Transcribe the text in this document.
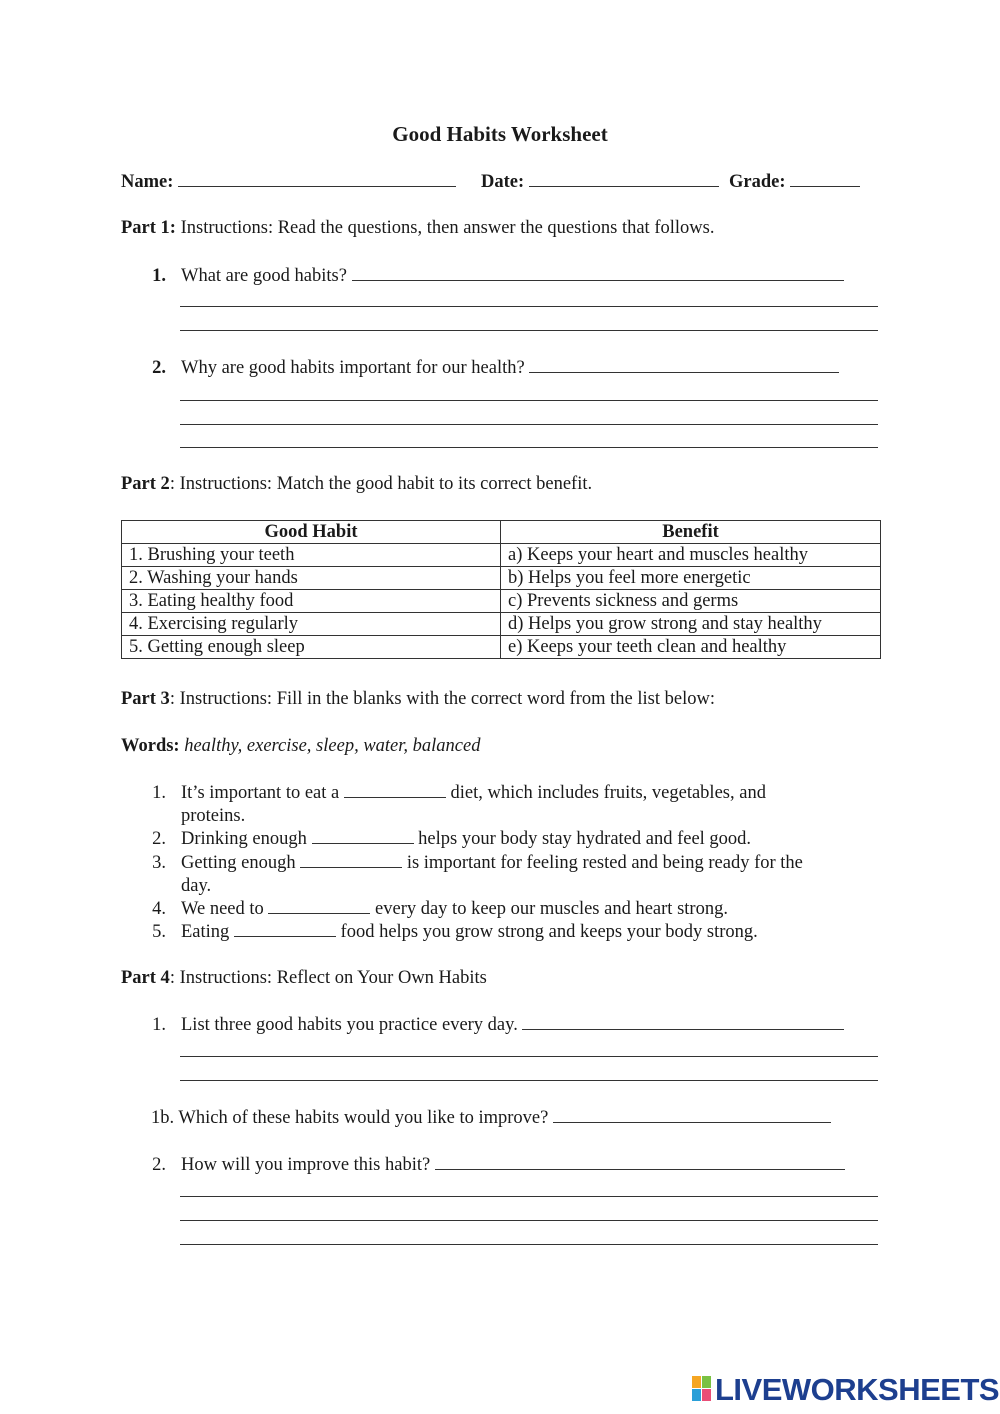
Good Habits Worksheet
Name:	Date:	Grade:
Part 1: Instructions: Read the questions, then answer the questions that follows.
1. What are good habits?
2. Why are good habits important for our health?
Part 2: Instructions: Match the good habit to its correct benefit.
Good Habit	Benefit
1. Brushing your teeth	a) Keeps your heart and muscles healthy
2. Washing your hands	b) Helps you feel more energetic
3. Eating healthy food	c) Prevents sickness and germs
4. Exercising regularly	d) Helps you grow strong and stay healthy
5. Getting enough sleep	e) Keeps your teeth clean and healthy
Part 3: Instructions: Fill in the blanks with the correct word from the list below:
Words: healthy, exercise, sleep, water, balanced
1. It’s important to eat a	diet, which includes fruits, vegetables, and
proteins.
2. Drinking enough	helps your body stay hydrated and feel good.
3. Getting enough	is important for feeling rested and being ready for the
day.
4. We need to	every day to keep our muscles and heart strong.
5. Eating	food helps you grow strong and keeps your body strong.
Part 4: Instructions: Reflect on Your Own Habits
1. List three good habits you practice every day.
1b. Which of these habits would you like to improve?
2. How will you improve this habit?
LIVEWORKSHEETS
